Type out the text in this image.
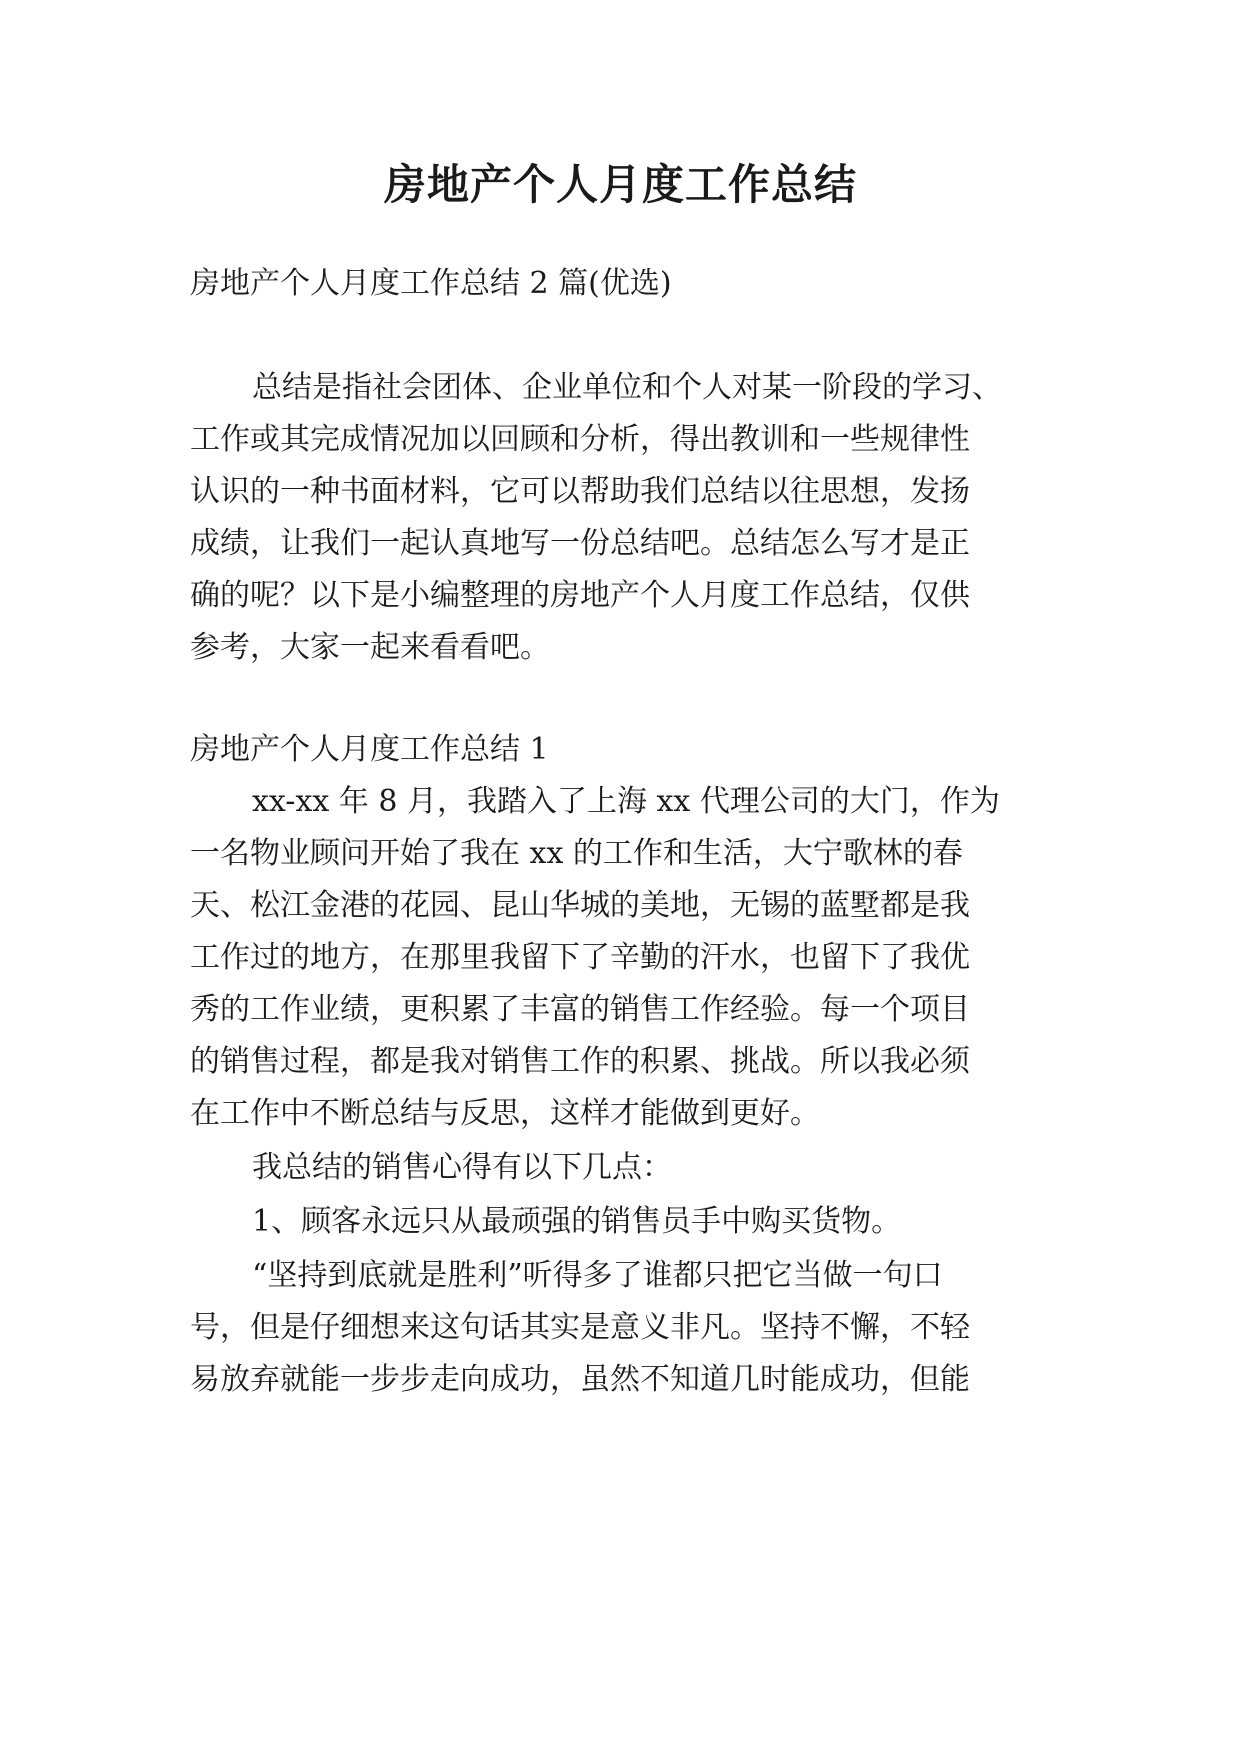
房地产个人月度工作总结

房地产个人月度工作总结 2 篇(优选)

总结是指社会团体、企业单位和个人对某一阶段的学习、

工作或其完成情况加以回顾和分析，得出教训和一些规律性

认识的一种书面材料，它可以帮助我们总结以往思想，发扬

成绩，让我们一起认真地写一份总结吧。总结怎么写才是正

确的呢？以下是小编整理的房地产个人月度工作总结，仅供

参考，大家一起来看看吧。

房地产个人月度工作总结 1

xx-xx 年 8 月，我踏入了上海 xx 代理公司的大门，作为

一名物业顾问开始了我在 xx 的工作和生活，大宁歌林的春

天、松江金港的花园、昆山华城的美地，无锡的蓝墅都是我

工作过的地方，在那里我留下了辛勤的汗水，也留下了我优

秀的工作业绩，更积累了丰富的销售工作经验。每一个项目

的销售过程，都是我对销售工作的积累、挑战。所以我必须

在工作中不断总结与反思，这样才能做到更好。

我总结的销售心得有以下几点：

1、顾客永远只从最顽强的销售员手中购买货物。

“坚持到底就是胜利”听得多了谁都只把它当做一句口

号，但是仔细想来这句话其实是意义非凡。坚持不懈，不轻

易放弃就能一步步走向成功，虽然不知道几时能成功，但能
